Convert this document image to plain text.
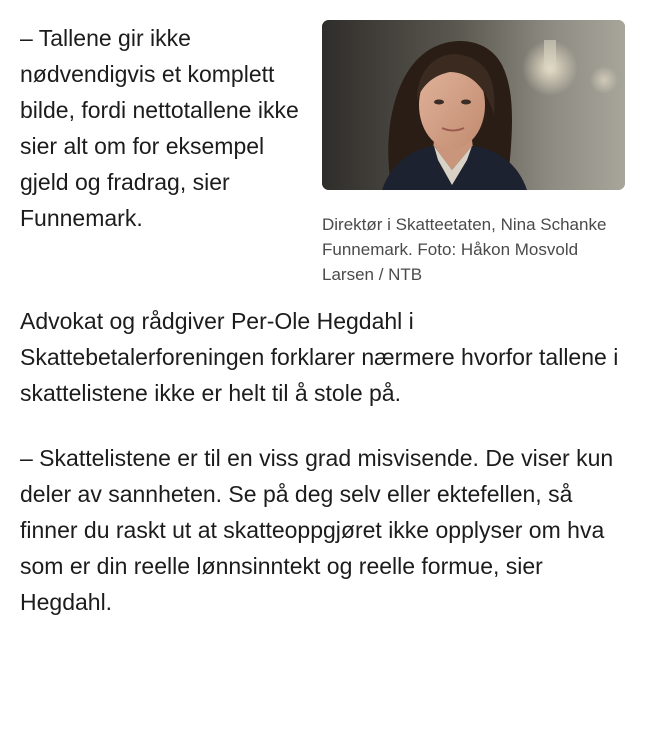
Direktør i Skatteetaten, Nina Schanke Funnemark. Foto: Håkon Mosvold Larsen / NTB

– Tallene gir ikke nødvendigvis et komplett bilde, fordi nettotallene ikke sier alt om for eksempel gjeld og fradrag, sier Funnemark.

Advokat og rådgiver Per-Ole Hegdahl i Skattebetalerforeningen forklarer nærmere hvorfor tallene i skattelistene ikke er helt til å stole på.

– Skattelistene er til en viss grad misvisende. De viser kun deler av sannheten. Se på deg selv eller ektefellen, så finner du raskt ut at skatteoppgjøret ikke opplyser om hva som er din reelle lønnsinntekt og reelle formue, sier Hegdahl.
